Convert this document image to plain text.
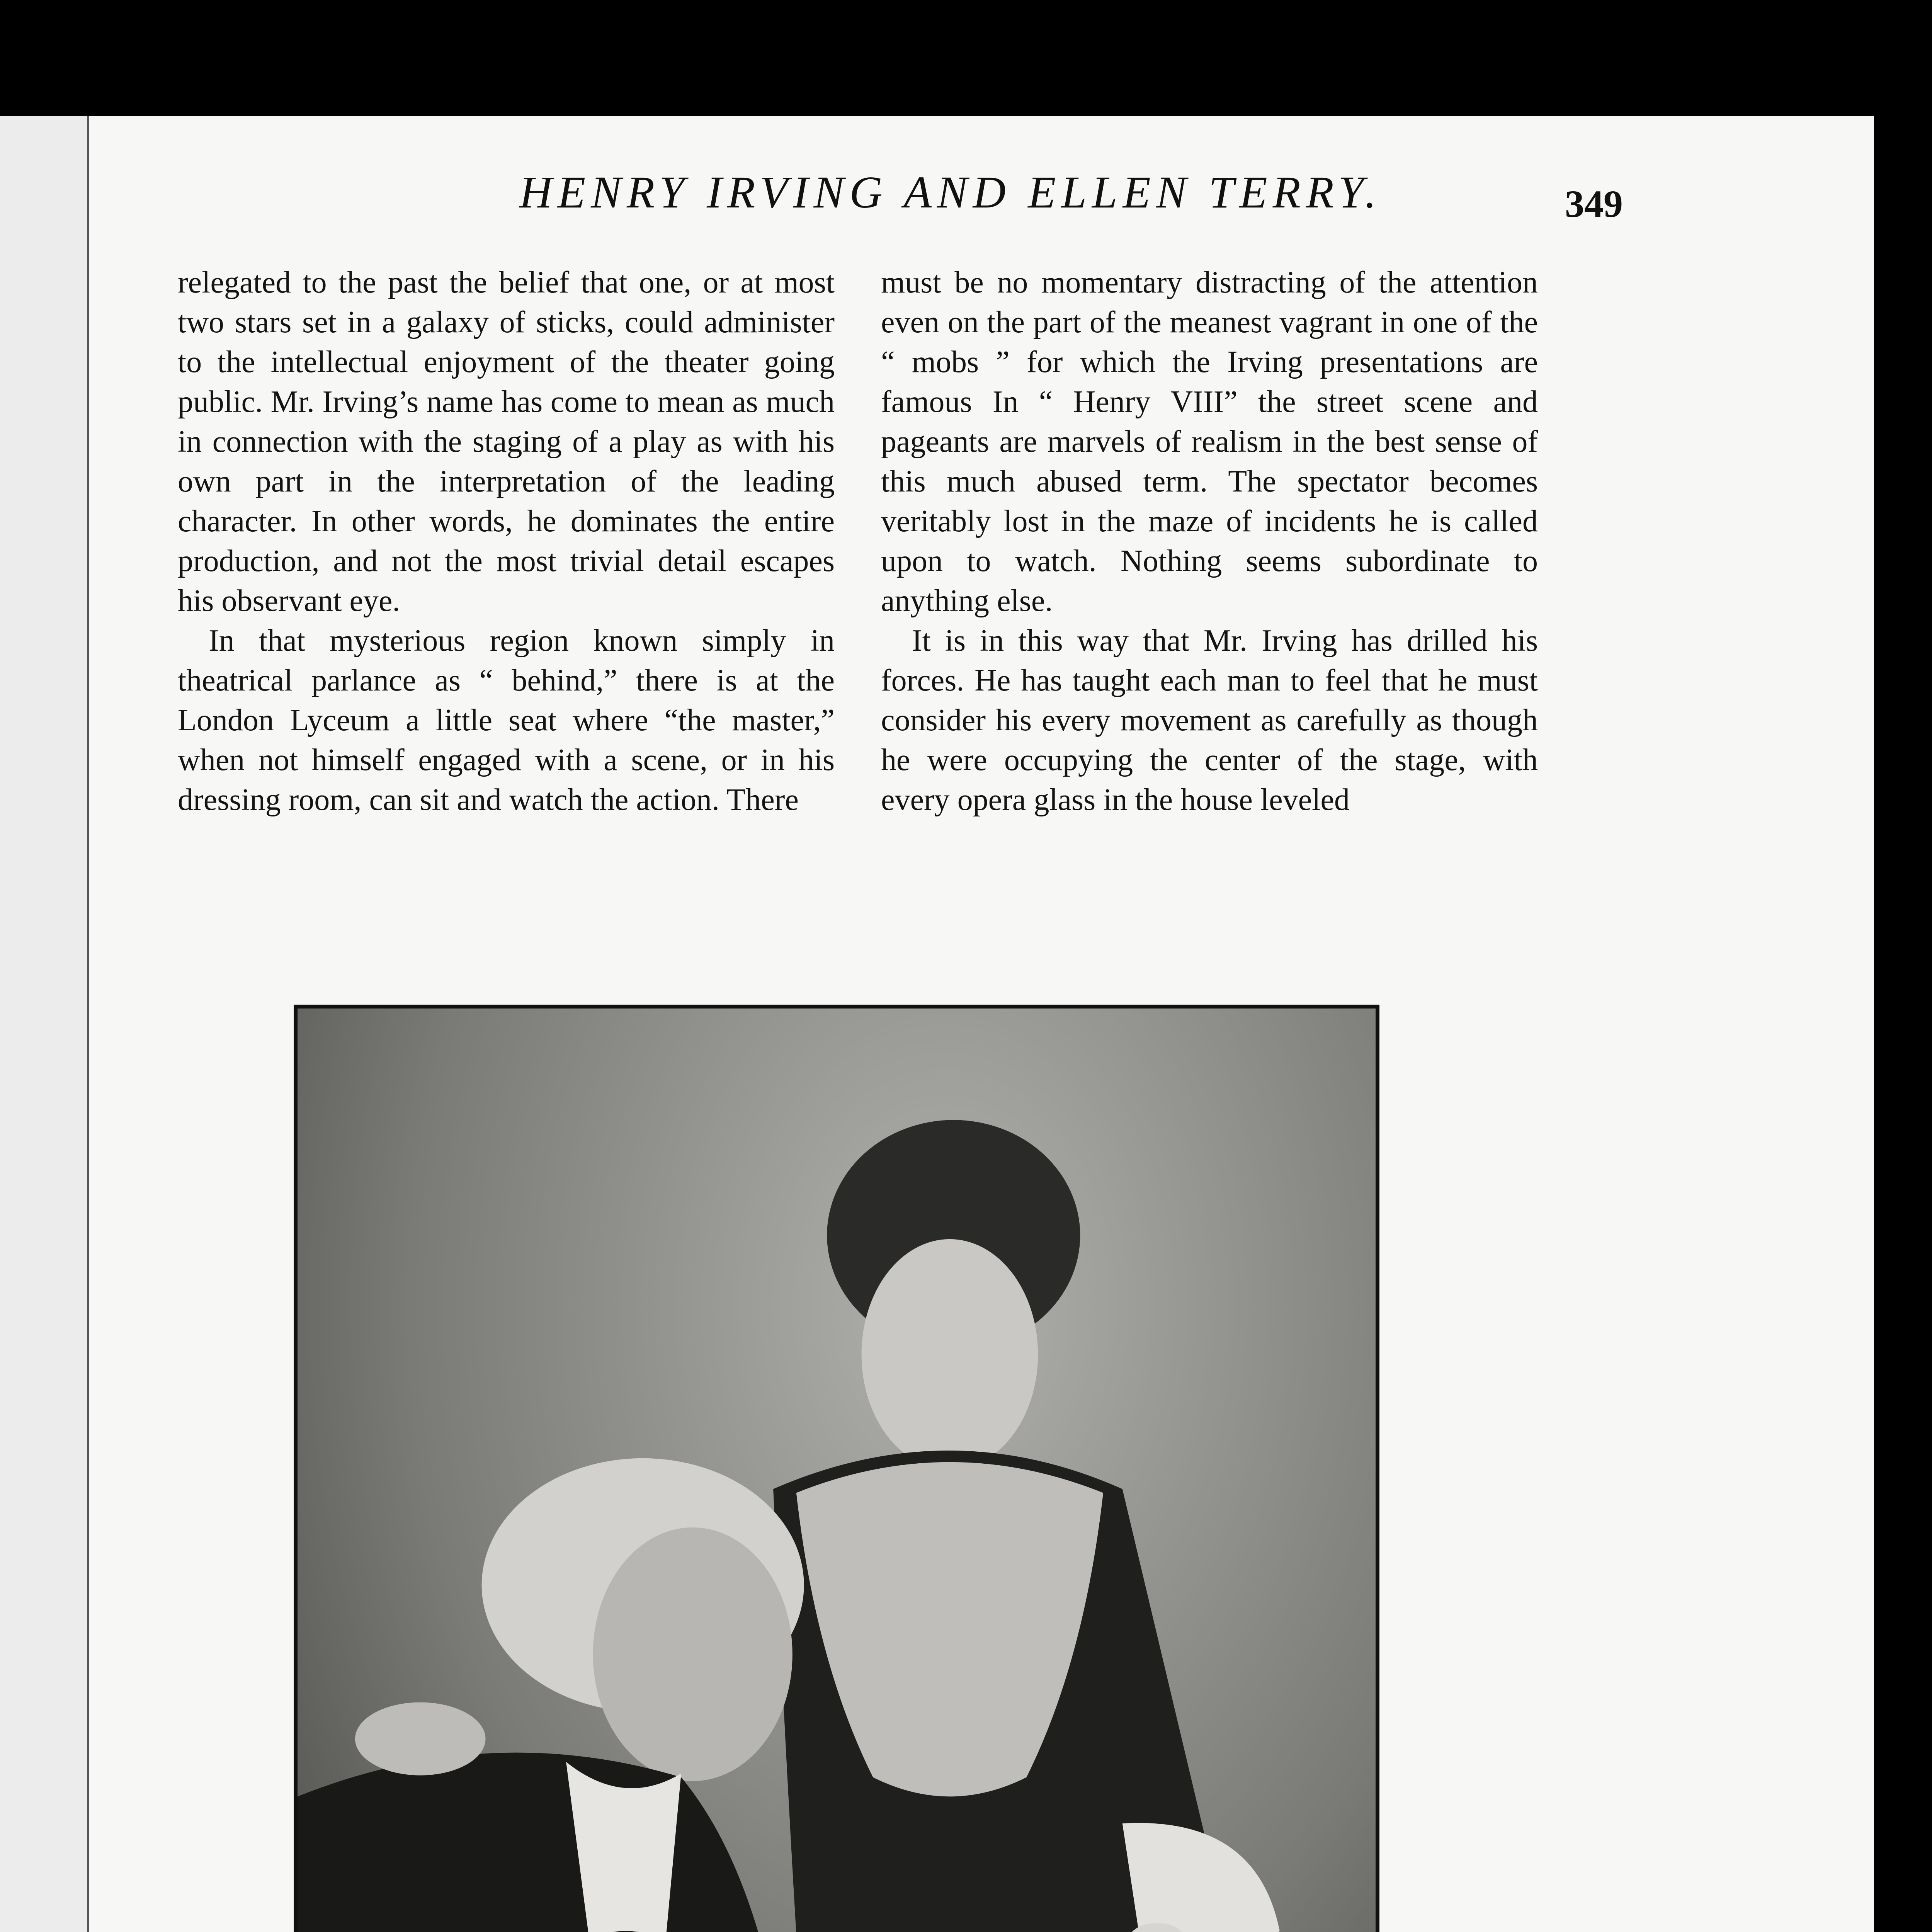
HENRY IRVING AND ELLEN TERRY.	349

relegated to the past the belief that one, or at most two stars set in a galaxy of sticks, could administer to the intellectual enjoyment of the theater going public. Mr. Irving’s name has come to mean as much in connection with the staging of a play as with his own part in the interpretation of the leading character. In other words, he dominates the entire production, and not the most trivial detail escapes his observant eye.

In that mysterious region known simply in theatrical parlance as “ behind,” there is at the London Lyceum a little seat where “the master,” when not himself engaged with a scene, or in his dressing room, can sit and watch the action. There

must be no momentary distracting of the attention even on the part of the meanest vagrant in one of the “ mobs ” for which the Irving presentations are famous In “ Henry VIII” the street scene and pageants are marvels of realism in the best sense of this much abused term. The spectator becomes veritably lost in the maze of incidents he is called upon to watch. Nothing seems subordinate to anything else.

It is in this way that Mr. Irving has drilled his forces. He has taught each man to feel that he must consider his every movement as carefully as though he were occupying the center of the stage, with every opera glass in the house leveled
